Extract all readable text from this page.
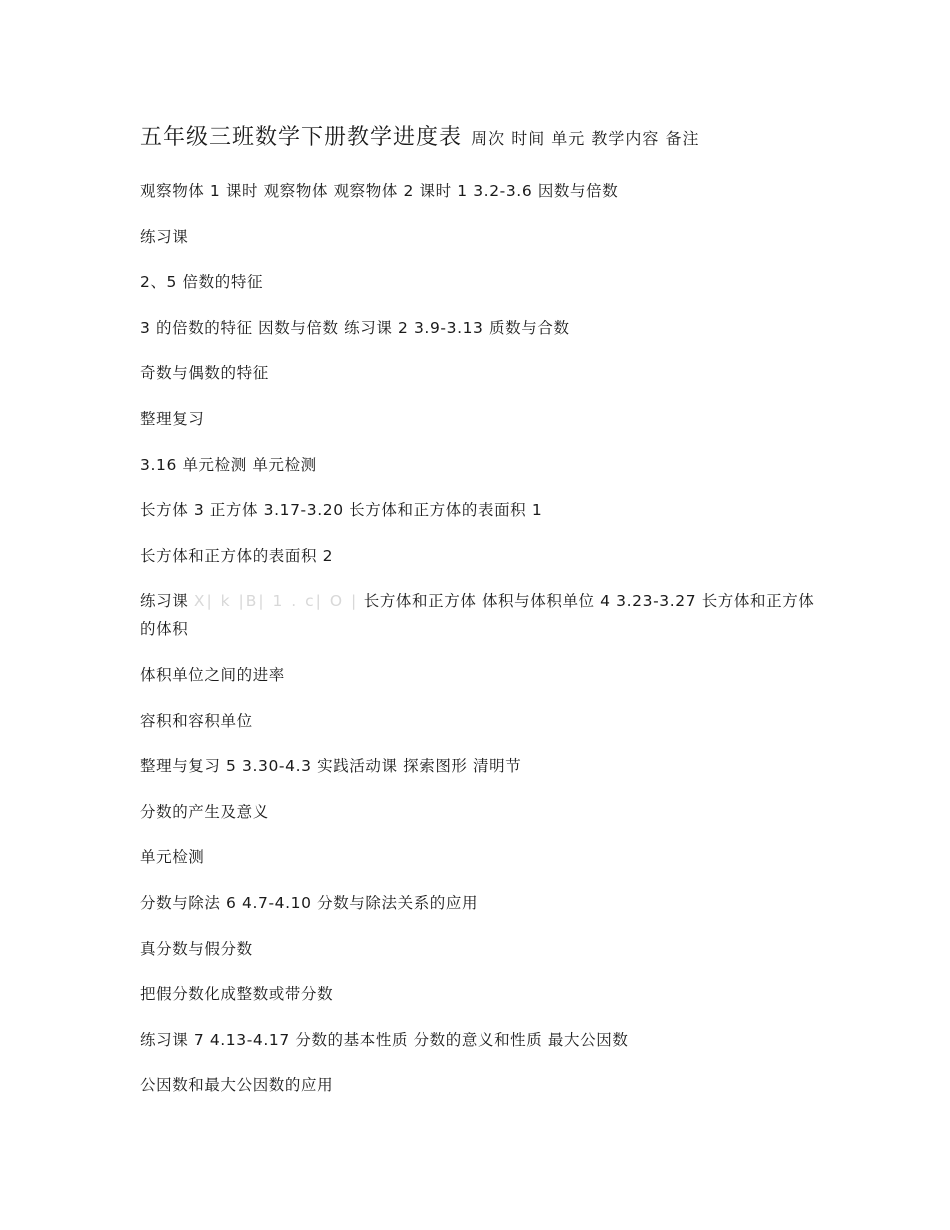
五年级三班数学下册教学进度表 周次 时间 单元 教学内容 备注
观察物体 1 课时 观察物体 观察物体 2 课时 1 3.2-3.6 因数与倍数
练习课
2、5 倍数的特征
3 的倍数的特征 因数与倍数 练习课 2 3.9-3.13 质数与合数
奇数与偶数的特征
整理复习
3.16 单元检测 单元检测
长方体 3 正方体 3.17-3.20 长方体和正方体的表面积 1
长方体和正方体的表面积 2
练习课 X| k |B| 1 . c| O | 长方体和正方体 体积与体积单位 4 3.23-3.27 长方体和正方体的体积
体积单位之间的进率
容积和容积单位
整理与复习 5 3.30-4.3 实践活动课 探索图形 清明节
分数的产生及意义
单元检测
分数与除法 6 4.7-4.10 分数与除法关系的应用
真分数与假分数
把假分数化成整数或带分数
练习课 7 4.13-4.17 分数的基本性质 分数的意义和性质 最大公因数
公因数和最大公因数的应用
